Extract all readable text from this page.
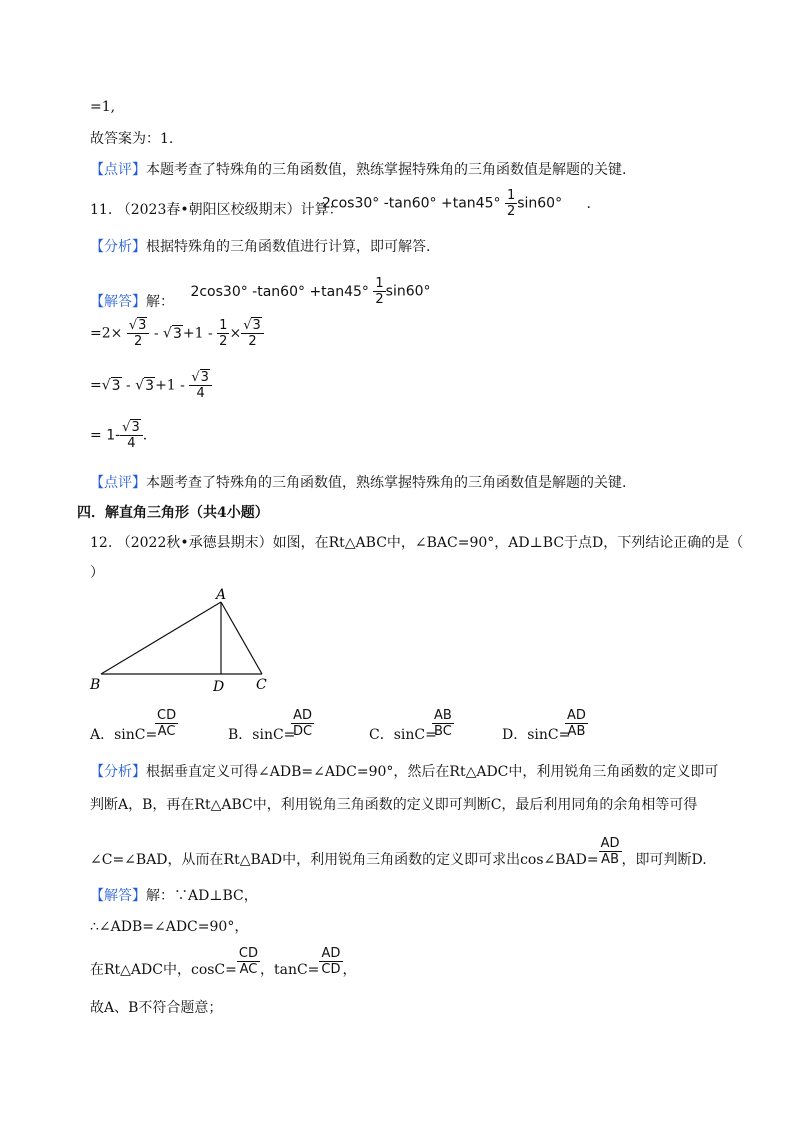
=1,
故答案为：1.
【点评】本题考查了特殊角的三角函数值，熟练掌握特殊角的三角函数值是解题的关键.
11. （2023春•朝阳区校级期末）计算：
2cos30° $-\tan 60^\circ +\tan 45^\circ \frac{1}{2} \sin 60^\circ$ .
【分析】根据特殊角的三角函数值进行计算，即可解答.
【解答】解： 2cos30° $-\tan 60^\circ +\tan 45^\circ \frac{1}{2} \sin 60^\circ$
$=2\times \frac{√3}{2} - √3+1 - \frac{1}{2} \times \frac{√3}{2}$
$=√3 - √3+1 - \frac{√3}{4}$
= $1- \frac{√3}{4}$ .
【点评】本题考查了特殊角的三角函数值，熟练掌握特殊角的三角函数值是解题的关键.
四．解直角三角形（共4小题）
12. （2022秋•承德县期末）如图，在Rt△ABC中，∠BAC=90°，AD⊥BC于点D，下列结论正确的是（
）
A
B	C
D
A．sinC=
$\frac{CD}{AC}$	B．sinC=
$\frac{AD}{DC}$	C．sinC=
$\frac{AB}{BC}$	D．sinC=
$\frac{AD}{AB}$
【分析】根据垂直定义可得∠ADB=∠ADC=90°，然后在Rt△ADC中，利用锐角三角函数的定义即可
判断A，B，再在Rt△ABC中，利用锐角三角函数的定义即可判断C，最后利用同角的余角相等可得
∠C=∠BAD，从而在Rt△BAD中，利用锐角三角函数的定义即可求出cos∠BAD= $\frac{AD}{AB}$ ，即可判断D.
【解答】解：∵AD⊥BC，
∴∠ADB=∠ADC=90°，
在Rt△ADC中，$\cos C= \frac{CD}{AC}$ ，$\tan C= \frac{AD}{CD}$ ，
故A、B不符合题意；
